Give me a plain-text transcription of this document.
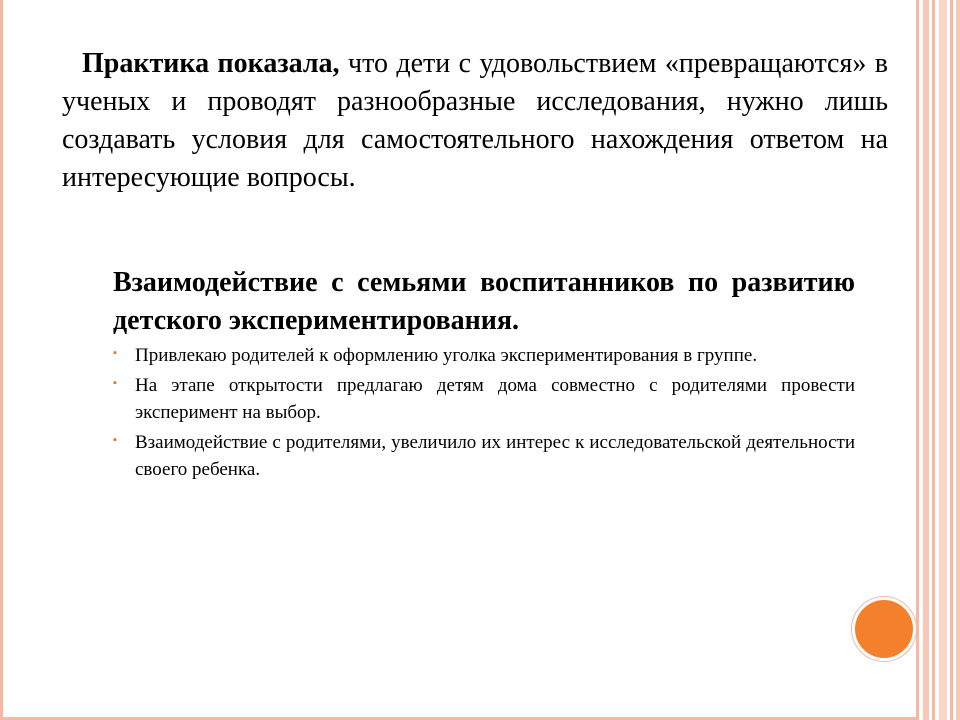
Практика показала, что дети с удовольствием «превращаются» в ученых и проводят разнообразные исследования, нужно лишь создавать условия для самостоятельного нахождения ответом на интересующие вопросы.
Взаимодействие с семьями воспитанников по развитию детского экспериментирования.
▪ Привлекаю родителей к оформлению уголка экспериментирования в группе.
▪ На этапе открытости предлагаю детям дома совместно с родителями провести эксперимент на выбор.
▪ Взаимодействие с родителями, увеличило их интерес к исследовательской деятельности своего ребенка.
